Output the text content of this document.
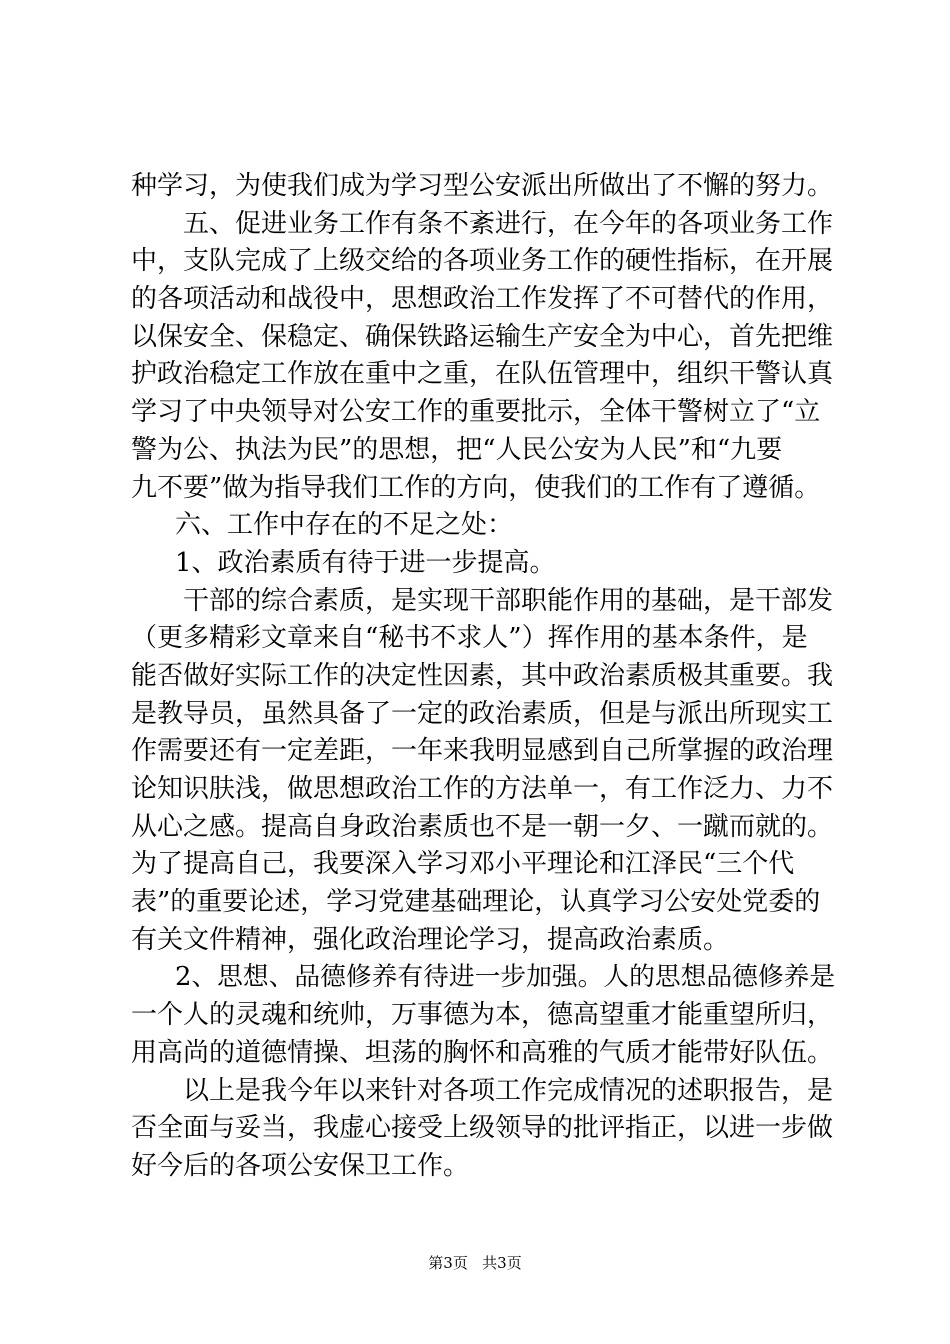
种学习，为使我们成为学习型公安派出所做出了不懈的努力。
五、促进业务工作有条不紊进行，在今年的各项业务工作
中，支队完成了上级交给的各项业务工作的硬性指标，在开展
的各项活动和战役中，思想政治工作发挥了不可替代的作用，
以保安全、保稳定、确保铁路运输生产安全为中心，首先把维
护政治稳定工作放在重中之重，在队伍管理中，组织干警认真
学习了中央领导对公安工作的重要批示，全体干警树立了“立
警为公、执法为民”的思想，把“人民公安为人民”和“九要
九不要”做为指导我们工作的方向，使我们的工作有了遵循。
六、工作中存在的不足之处：
1、政治素质有待于进一步提高。
干部的综合素质，是实现干部职能作用的基础，是干部发
（更多精彩文章来自“秘书不求人”）挥作用的基本条件，是
能否做好实际工作的决定性因素，其中政治素质极其重要。我
是教导员，虽然具备了一定的政治素质，但是与派出所现实工
作需要还有一定差距，一年来我明显感到自己所掌握的政治理
论知识肤浅，做思想政治工作的方法单一，有工作泛力、力不
从心之感。提高自身政治素质也不是一朝一夕、一蹴而就的。
为了提高自己，我要深入学习邓小平理论和江泽民“三个代
表”的重要论述，学习党建基础理论，认真学习公安处党委的
有关文件精神，强化政治理论学习，提高政治素质。
2、思想、品德修养有待进一步加强。人的思想品德修养是
一个人的灵魂和统帅，万事德为本，德高望重才能重望所归，
用高尚的道德情操、坦荡的胸怀和高雅的气质才能带好队伍。
以上是我今年以来针对各项工作完成情况的述职报告，是
否全面与妥当，我虚心接受上级领导的批评指正，以进一步做
好今后的各项公安保卫工作。
第3页 共3页
